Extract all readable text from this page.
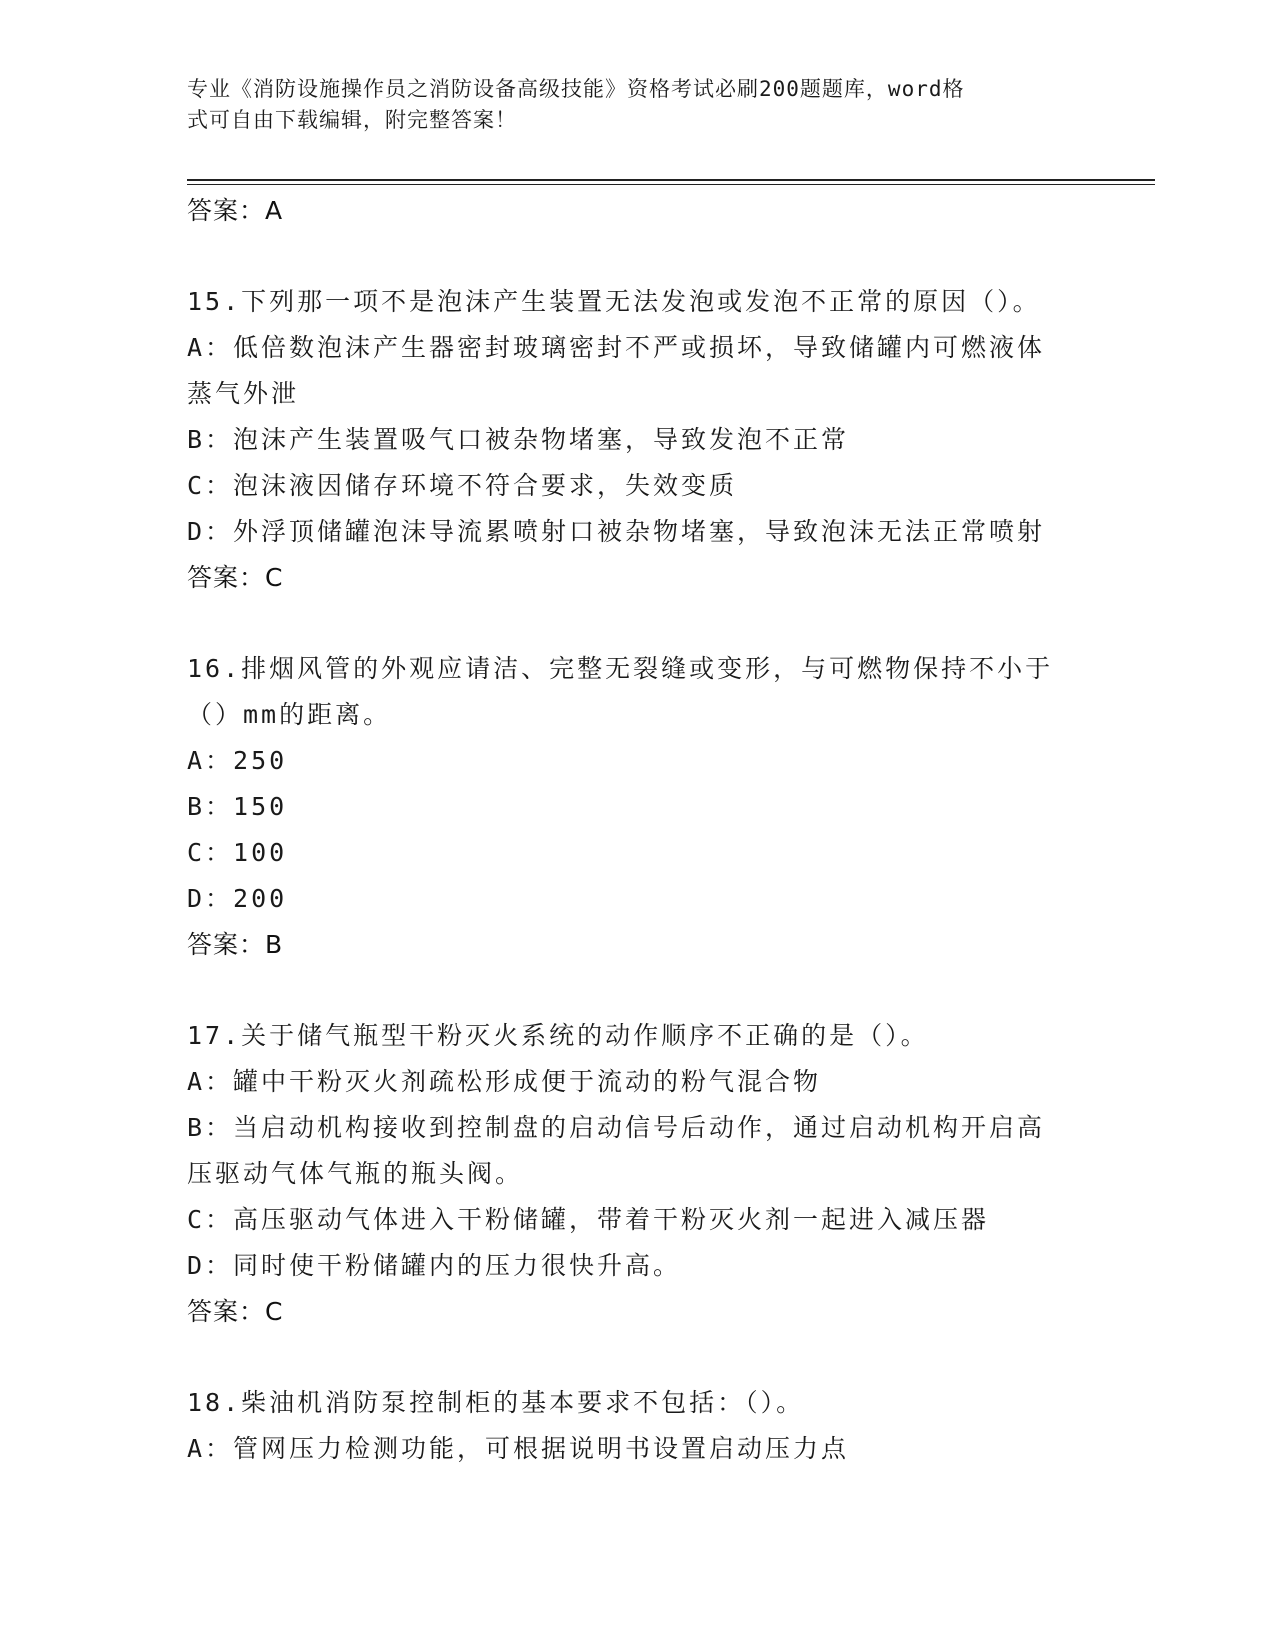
专业《消防设施操作员之消防设备高级技能》资格考试必刷200题题库，word格
式可自由下载编辑，附完整答案！
答案：A
15.下列那一项不是泡沫产生装置无法发泡或发泡不正常的原因（）。
A：低倍数泡沫产生器密封玻璃密封不严或损坏，导致储罐内可燃液体
蒸气外泄
B：泡沫产生装置吸气口被杂物堵塞，导致发泡不正常
C：泡沫液因储存环境不符合要求，失效变质
D：外浮顶储罐泡沫导流累喷射口被杂物堵塞，导致泡沫无法正常喷射
答案：C
16.排烟风管的外观应请洁、完整无裂缝或变形，与可燃物保持不小于
（）mm的距离。
A：250
B：150
C：100
D：200
答案：B
17.关于储气瓶型干粉灭火系统的动作顺序不正确的是（）。
A：罐中干粉灭火剂疏松形成便于流动的粉气混合物
B：当启动机构接收到控制盘的启动信号后动作，通过启动机构开启高
压驱动气体气瓶的瓶头阀。
C：高压驱动气体进入干粉储罐，带着干粉灭火剂一起进入减压器
D：同时使干粉储罐内的压力很快升高。
答案：C
18.柴油机消防泵控制柜的基本要求不包括：（）。
A：管网压力检测功能，可根据说明书设置启动压力点
